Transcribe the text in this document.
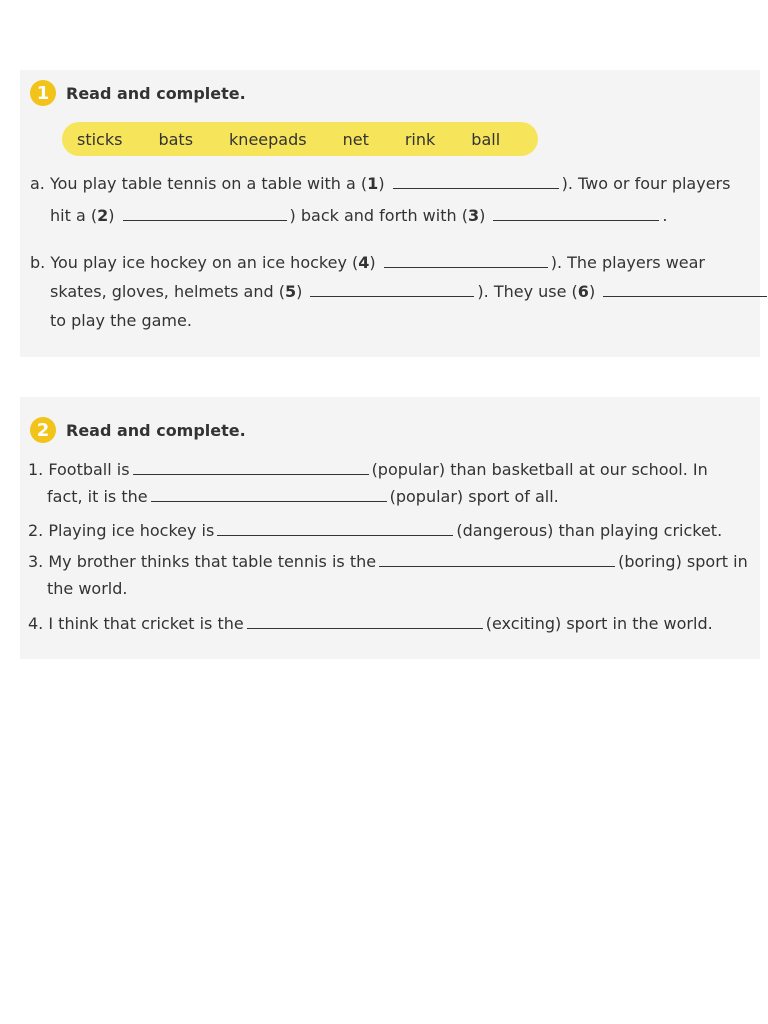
1	Read and complete.
sticks bats kneepads net rink ball
a. You play table tennis on a table with a (1)	). Two or four players
hit a (2)	) back and forth with (3)	.
b. You play ice hockey on an ice hockey (4)	). The players wear
skates, gloves, helmets and (5)	). They use (6)
to play the game.
2	Read and complete.
1. Football is	(popular) than basketball at our school. In
fact, it is the	(popular) sport of all.
2. Playing ice hockey is	(dangerous) than playing cricket.
3. My brother thinks that table tennis is the	(boring) sport in
the world.
4. I think that cricket is the	(exciting) sport in the world.
